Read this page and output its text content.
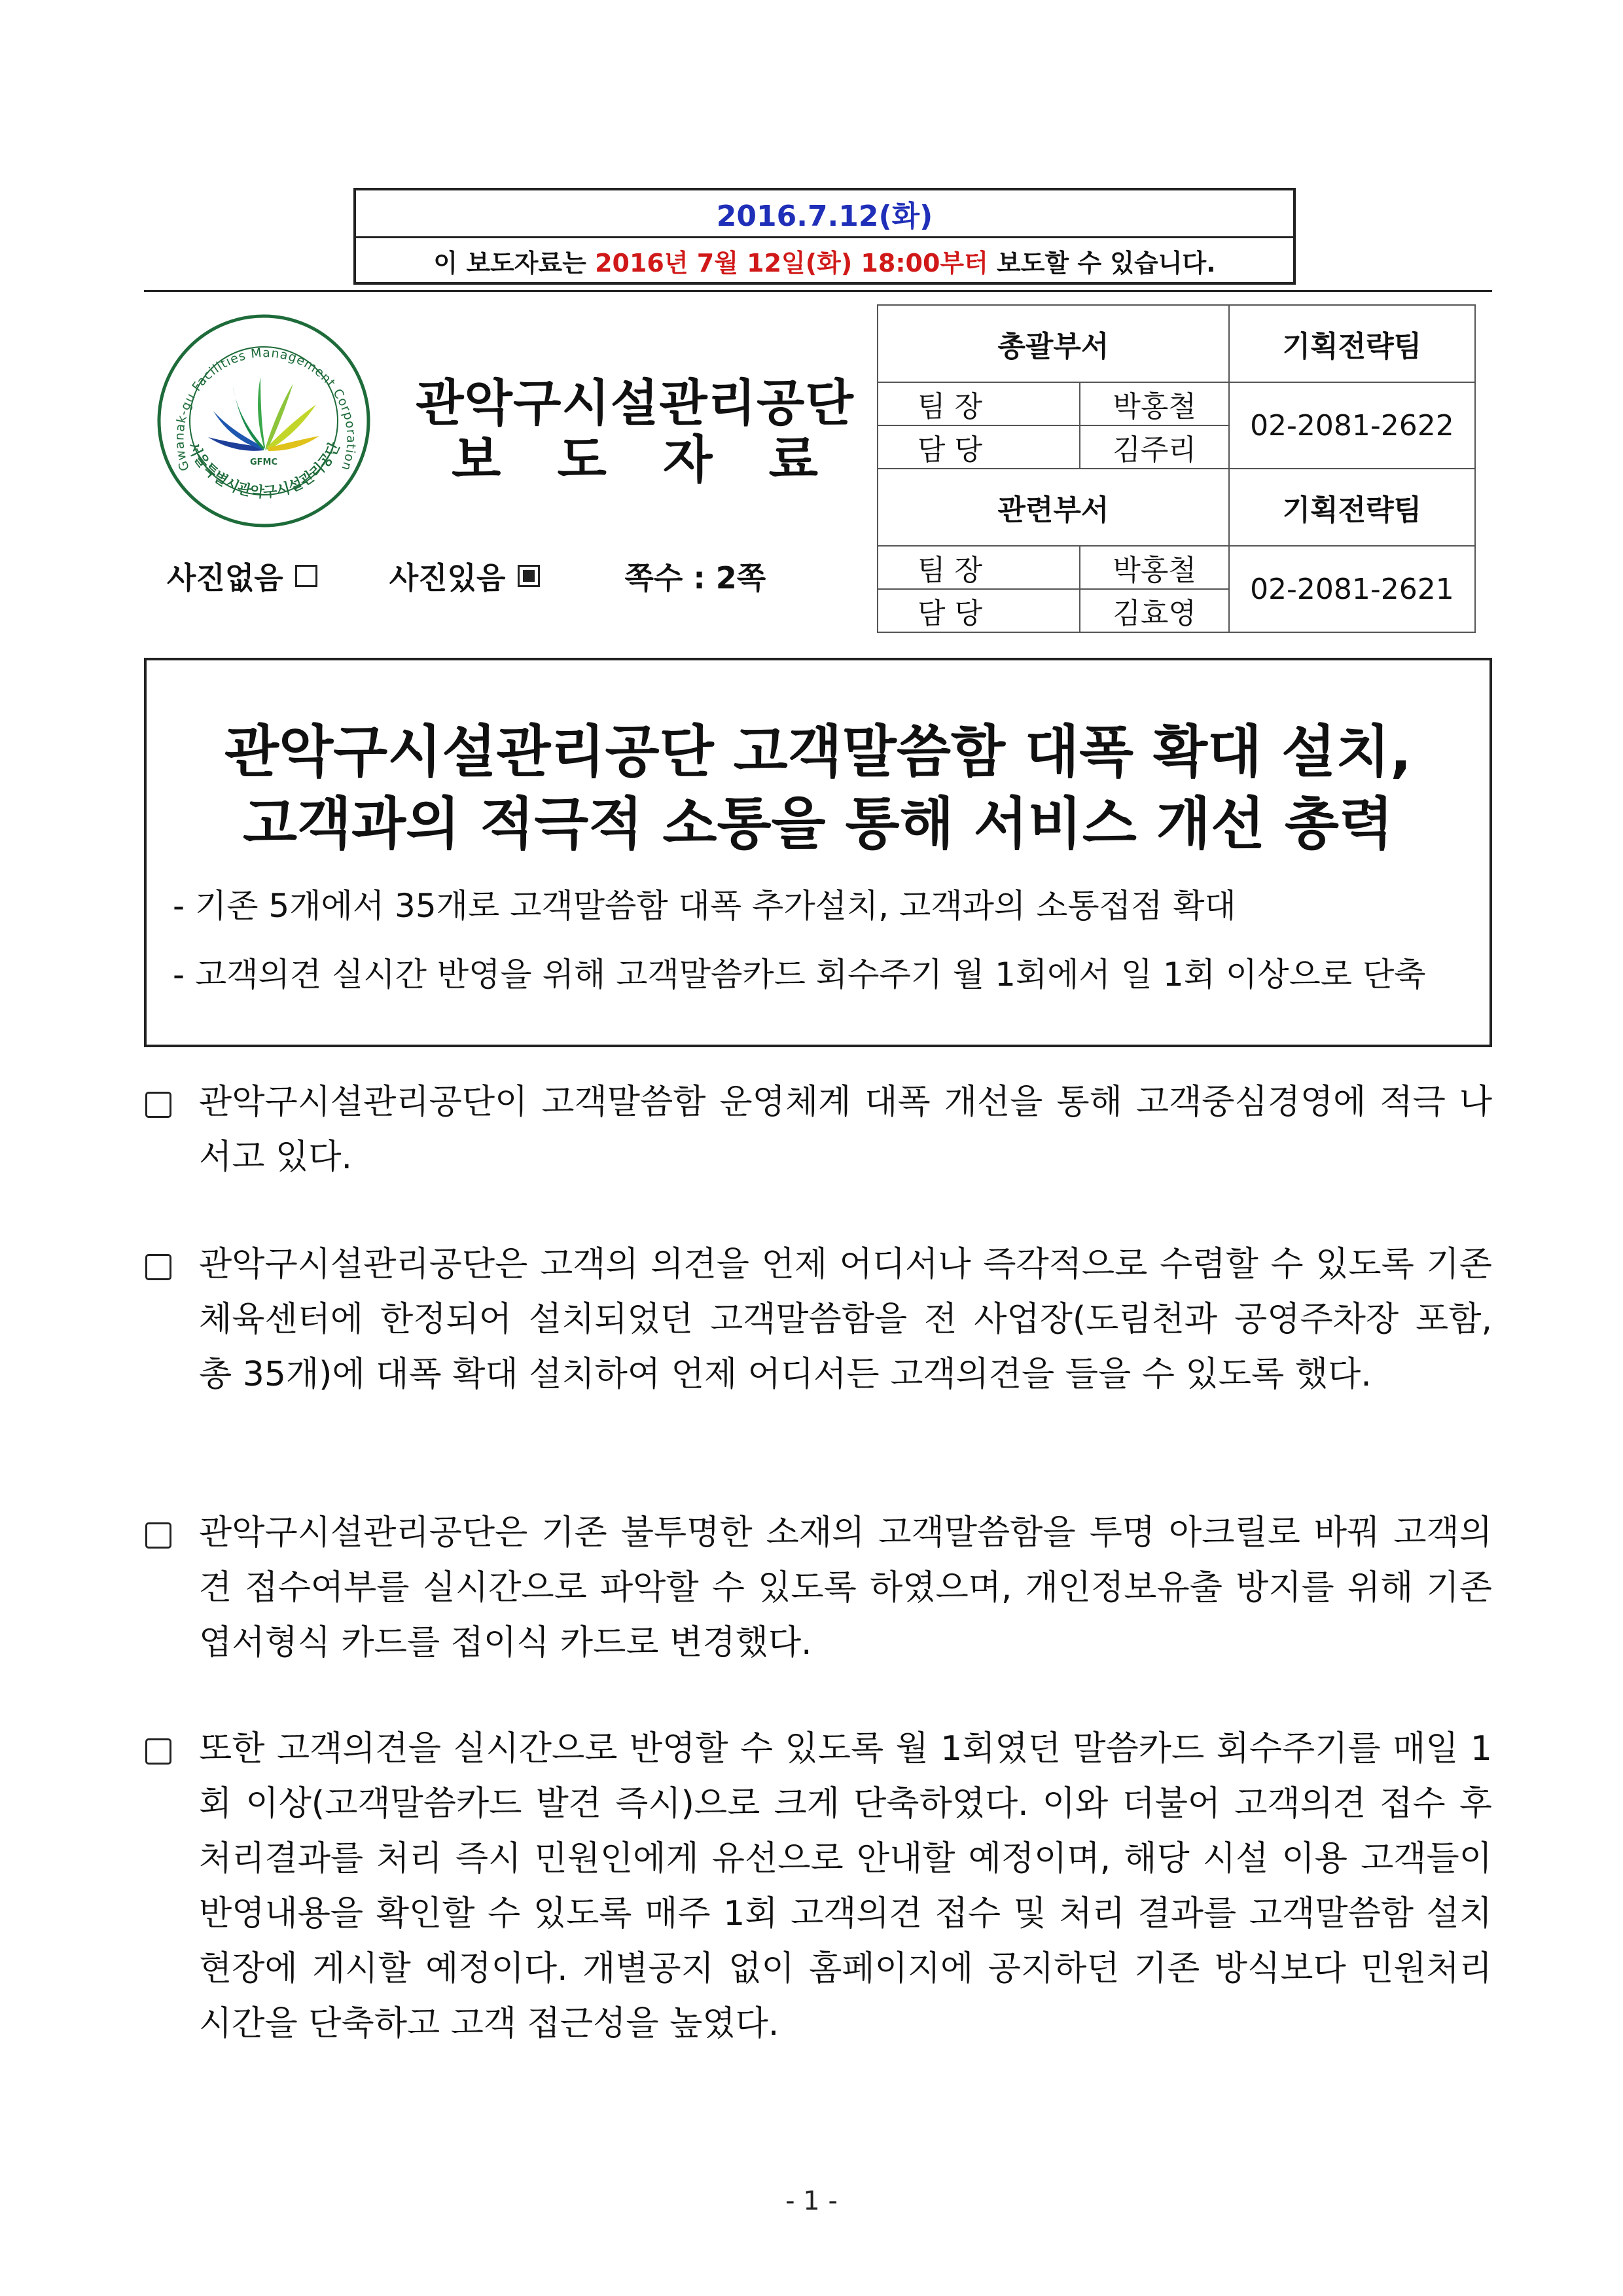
2016.7.12(화)
이 보도자료는 2016년 7월 12일(화) 18:00부터 보도할 수 있습니다.
Gwanak-gu Facilities Management Corporation
서울특별시관악구시설관리공단
GFMC
관악구시설관리공단
보 도 자 료
사진없음	사진있음	쪽수 : 2쪽
총괄부서		기획전략팀

팀 장	박홍철	02-2081-2622

담 당	김주리	
관련부서		기획전략팀

팀 장	박홍철	02-2081-2621

담 당	김효영	
관악구시설관리공단 고객말씀함 대폭 확대 설치,
고객과의 적극적 소통을 통해 서비스 개선 총력
- 기존 5개에서 35개로 고객말씀함 대폭 추가설치, 고객과의 소통접점 확대
- 고객의견 실시간 반영을 위해 고객말씀카드 회수주기 월 1회에서 일 1회 이상으로 단축
관악구시설관리공단이 고객말씀함 운영체계 대폭 개선을 통해 고객중심경영에 적극 나서고 있다.
관악구시설관리공단은 고객의 의견을 언제 어디서나 즉각적으로 수렴할 수 있도록 기존 체육센터에 한정되어 설치되었던 고객말씀함을 전 사업장(도림천과 공영주차장 포함, 총 35개)에 대폭 확대 설치하여 언제 어디서든 고객의견을 들을 수 있도록 했다.
관악구시설관리공단은 기존 불투명한 소재의 고객말씀함을 투명 아크릴로 바꿔 고객의견 접수여부를 실시간으로 파악할 수 있도록 하였으며, 개인정보유출 방지를 위해 기존 엽서형식 카드를 접이식 카드로 변경했다.
또한 고객의견을 실시간으로 반영할 수 있도록 월 1회였던 말씀카드 회수주기를 매일 1회 이상(고객말씀카드 발견 즉시)으로 크게 단축하였다. 이와 더불어 고객의견 접수 후 처리결과를 처리 즉시 민원인에게 유선으로 안내할 예정이며, 해당 시설 이용 고객들이 반영내용을 확인할 수 있도록 매주 1회 고객의견 접수 및 처리 결과를 고객말씀함 설치 현장에 게시할 예정이다. 개별공지 없이 홈페이지에 공지하던 기존 방식보다 민원처리 시간을 단축하고 고객 접근성을 높였다.
- 1 -
